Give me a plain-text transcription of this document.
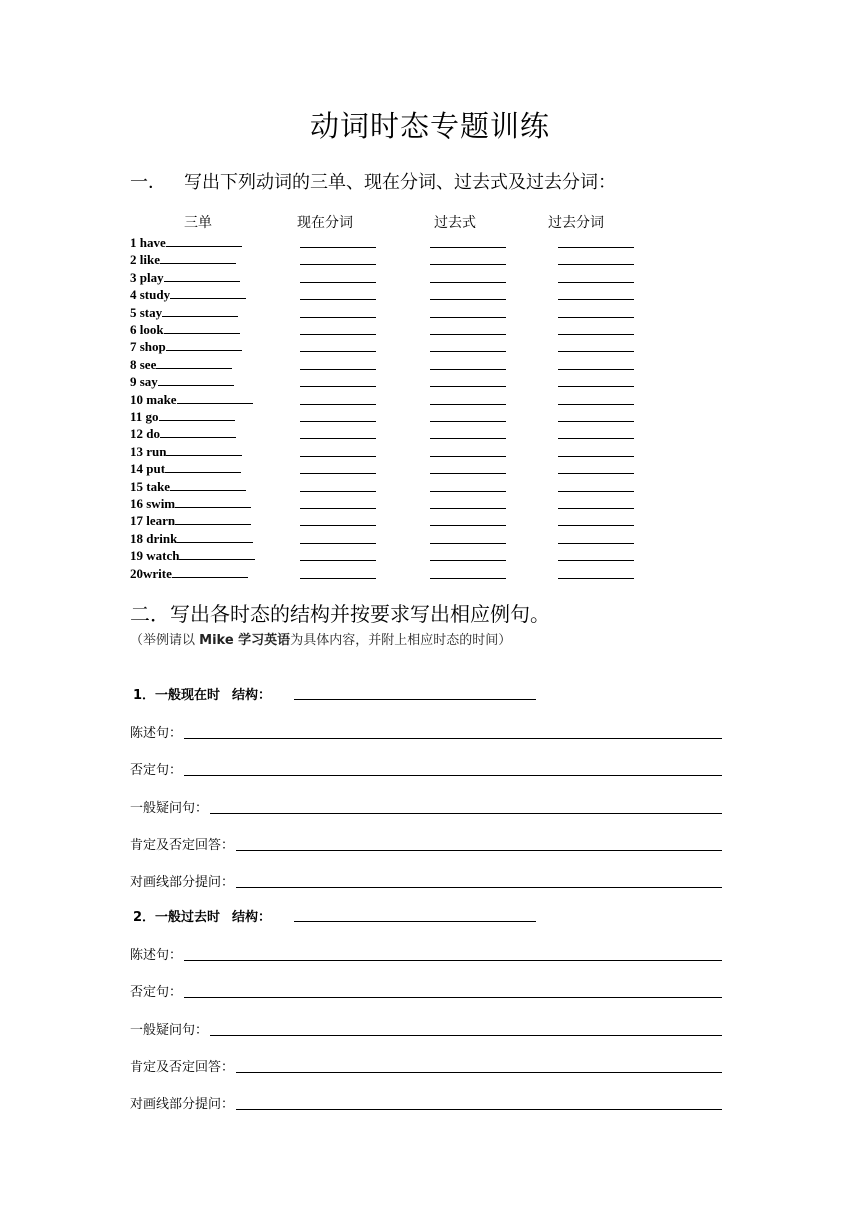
动词时态专题训练
一． 写出下列动词的三单、现在分词、过去式及过去分词：
三单	现在分词	过去式	过去分词
1 have
2 like
3 play
4 study
5 stay
6 look
7 shop
8 see
9 say
10 make
11 go
12 do
13 run
14 put
15 take
16 swim
17 learn
18 drink
19 watch
20write
二．写出各时态的结构并按要求写出相应例句。
（举例请以 Mike 学习英语为具体内容，并附上相应时态的时间）
1．一般现在时 结构：
陈述句：
否定句：
一般疑问句：
肯定及否定回答：
对画线部分提问：
2．一般过去时 结构：
陈述句：
否定句：
一般疑问句：
肯定及否定回答：
对画线部分提问：
